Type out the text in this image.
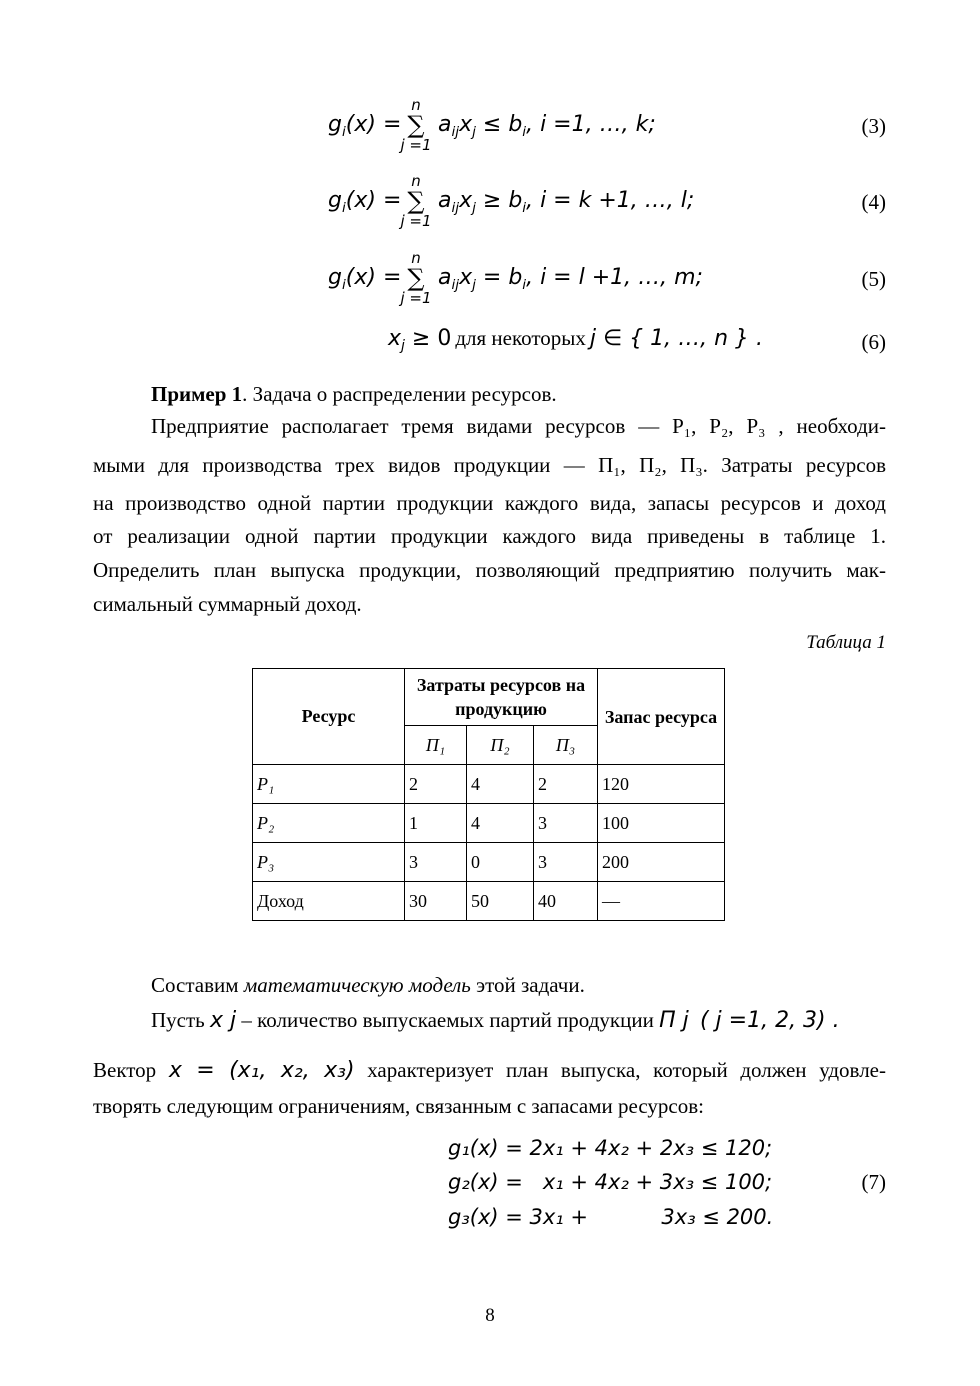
$g_i(x)$ =
n
∑
j =1
$a_{ij}x_j \le b_i$, i =1, …, k;	(3)
$g_i(x)$ =
n
∑
j =1
$a_{ij}x_j \ge b_i$, i = k +1, …, l;	(4)
$g_i(x)$ =
n
∑
j =1
$a_{ij}x_j = b_i$, i = l +1, …, m;	(5)
$x_j \ge 0$ для некоторых j ∈ { 1, …, n } .	(6)
Пример 1. Задача о распределении ресурсов.
Предприятие располагает тремя видами ресурсов — P₁, P₂, P₃ , необходи-
мыми для производства трех видов продукции — П₁, П₂, П₃. Затраты ресурсов
на производство одной партии продукции каждого вида, запасы ресурсов и доход
от реализации одной партии продукции каждого вида приведены в таблице 1.
Определить план выпуска продукции, позволяющий предприятию получить мак-
симальный суммарный доход.
Таблица 1
Ресурс	Затраты ресурсов на продукцию			Запас ресурса
	П₁	П₂	П₃	
P₁	2	4	2	120
P₂	1	4	3	100
P₃	3	0	3	200
Доход	30	50	40	—
Составим математическую модель этой задачи.
Пусть x j – количество выпускаемых партий продукции П j ( j =1, 2, 3) .
Вектор x = (x₁, x₂, x₃) характеризует план выпуска, который должен удовле-
творять следующим ограничениям, связанным с запасами ресурсов:
g₁(x) = 2x₁ + 4x₂ + 2x₃ ≤ 120;
g₂(x) =   x₁ + 4x₂ + 3x₃ ≤ 100;
g₃(x) = 3x₁ +           3x₃ ≤ 200.
(7)
8
